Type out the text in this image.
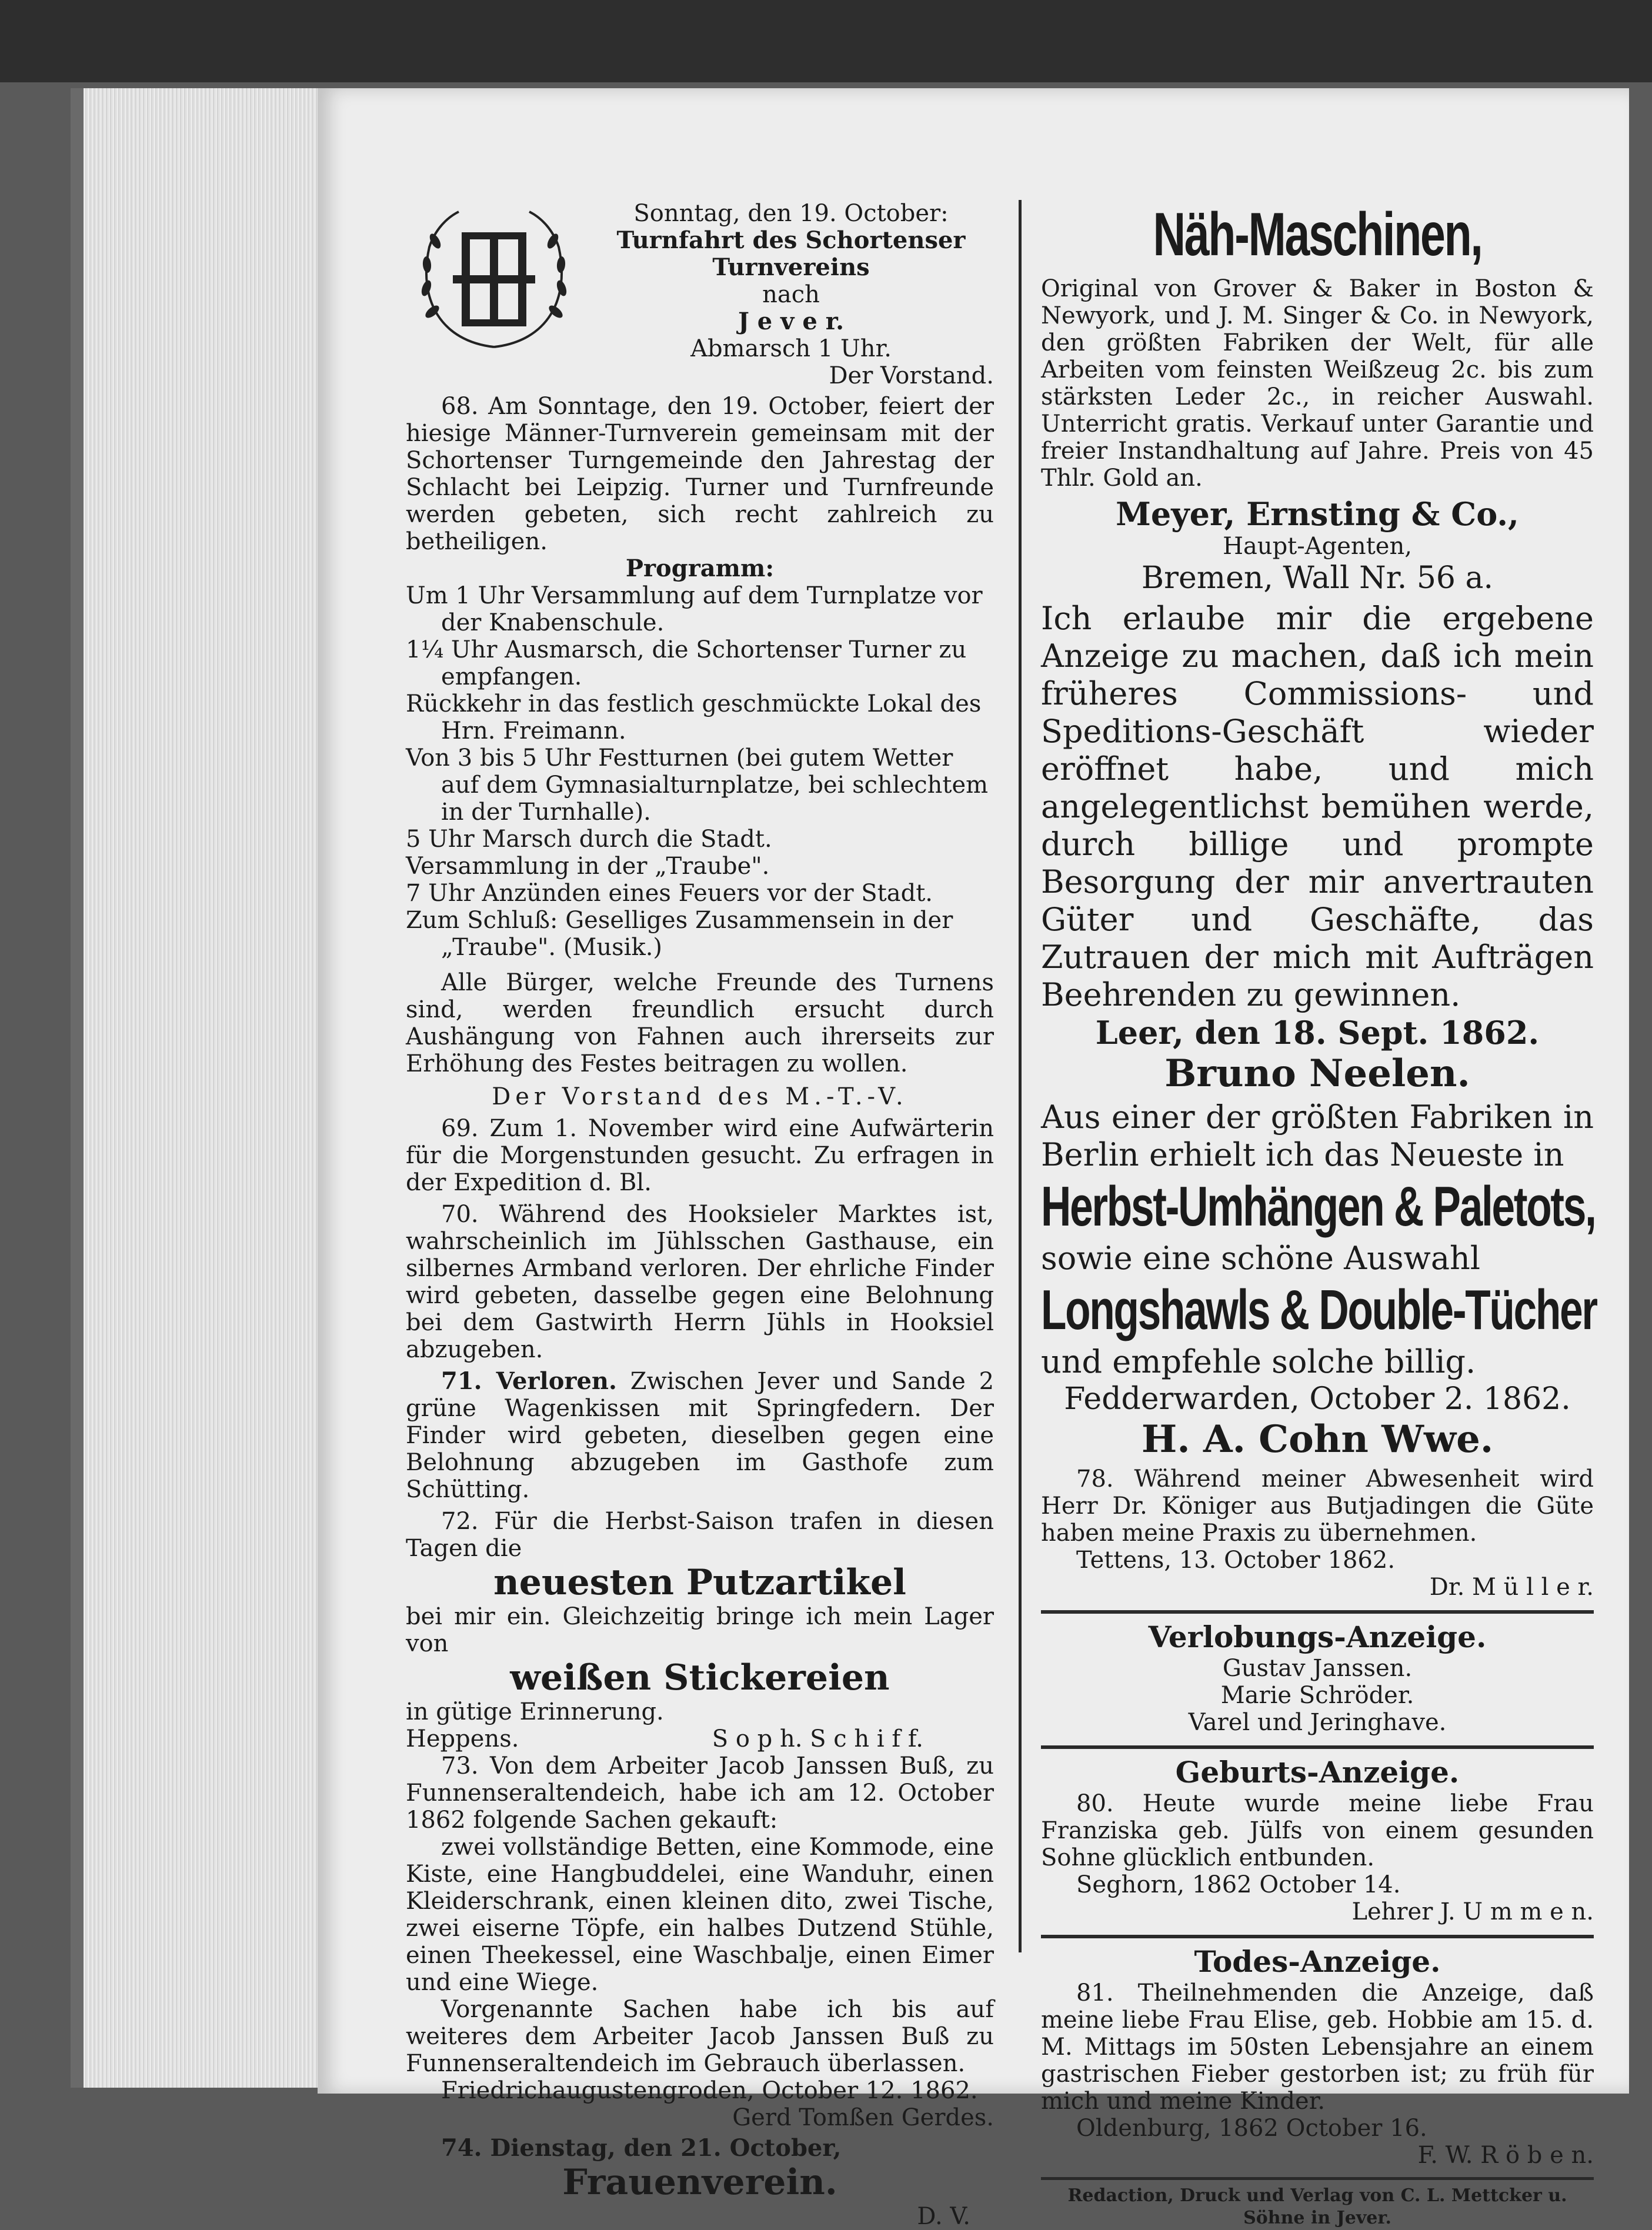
Sonntag, den 19. October:

Turnfahrt des Schortenser

Turnvereins

nach

J e v e r.

Abmarsch 1 Uhr.

Der Vorstand.

68. Am Sonntage, den 19. October, feiert der hiesige Männer-Turnverein gemeinsam mit der Schortenser Turngemeinde den Jahrestag der Schlacht bei Leipzig. Turner und Turnfreunde werden gebeten, sich recht zahlreich zu betheiligen.

Programm:

Um 1 Uhr Versammlung auf dem Turnplatze vor der Knabenschule.

1¼ Uhr Ausmarsch, die Schortenser Turner zu empfangen.

Rückkehr in das festlich geschmückte Lokal des Hrn. Freimann.

Von 3 bis 5 Uhr Festturnen (bei gutem Wetter auf dem Gymnasialturnplatze, bei schlechtem in der Turnhalle).

5 Uhr Marsch durch die Stadt.

Versammlung in der „Traube".

7 Uhr Anzünden eines Feuers vor der Stadt.

Zum Schluß: Geselliges Zusammensein in der „Traube". (Musik.)

Alle Bürger, welche Freunde des Turnens sind, werden freundlich ersucht durch Aushängung von Fahnen auch ihrerseits zur Erhöhung des Festes beitragen zu wollen.

Der Vorstand des M.-T.-V.

69. Zum 1. November wird eine Aufwärterin für die Morgenstunden gesucht. Zu erfragen in der Expedition d. Bl.

70. Während des Hooksieler Marktes ist, wahrscheinlich im Jühlsschen Gasthause, ein silbernes Armband verloren. Der ehrliche Finder wird gebeten, dasselbe gegen eine Belohnung bei dem Gastwirth Herrn Jühls in Hooksiel abzugeben.

71. Verloren. Zwischen Jever und Sande 2 grüne Wagenkissen mit Springfedern. Der Finder wird gebeten, dieselben gegen eine Belohnung abzugeben im Gasthofe zum Schütting.

72. Für die Herbst-Saison trafen in diesen Tagen die

neuesten Putzartikel

bei mir ein. Gleichzeitig bringe ich mein Lager von

weißen Stickereien

in gütige Erinnerung.

Heppens.	S o p h. S c h i f f.

73. Von dem Arbeiter Jacob Janssen Buß, zu Funnenseraltendeich, habe ich am 12. October 1862 folgende Sachen gekauft:

zwei vollständige Betten, eine Kommode, eine Kiste, eine Hangbuddelei, eine Wanduhr, einen Kleiderschrank, einen kleinen dito, zwei Tische, zwei eiserne Töpfe, ein halbes Dutzend Stühle, einen Theekessel, eine Waschbalje, einen Eimer und eine Wiege.

Vorgenannte Sachen habe ich bis auf weiteres dem Arbeiter Jacob Janssen Buß zu Funnenseraltendeich im Gebrauch überlassen.

Friedrichaugustengroden, October 12. 1862.

Gerd Tomßen Gerdes.

74. Dienstag, den 21. October,

Frauenverein.

D. V.

Näh-Maschinen,

Original von Grover & Baker in Boston & Newyork, und J. M. Singer & Co. in Newyork, den größten Fabriken der Welt, für alle Arbeiten vom feinsten Weißzeug 2c. bis zum stärksten Leder 2c., in reicher Auswahl. Unterricht gratis. Verkauf unter Garantie und freier Instandhaltung auf Jahre. Preis von 45 Thlr. Gold an.

Meyer, Ernsting & Co.,

Haupt-Agenten,

Bremen, Wall Nr. 56 a.

Ich erlaube mir die ergebene Anzeige zu machen, daß ich mein früheres Commissions- und Speditions-Geschäft wieder eröffnet habe, und mich angelegentlichst bemühen werde, durch billige und prompte Besorgung der mir anvertrauten Güter und Geschäfte, das Zutrauen der mich mit Aufträgen Beehrenden zu gewinnen.

Leer, den 18. Sept. 1862.

Bruno Neelen.

Aus einer der größten Fabriken in Berlin erhielt ich das Neueste in

Herbst-Umhängen & Paletots,

sowie eine schöne Auswahl

Longshawls & Double-Tücher

und empfehle solche billig.

Fedderwarden, October 2. 1862.

H. A. Cohn Wwe.

78. Während meiner Abwesenheit wird Herr Dr. Königer aus Butjadingen die Güte haben meine Praxis zu übernehmen.

Tettens, 13. October 1862.

Dr. M ü l l e r.

Verlobungs-Anzeige.

Gustav Janssen.

Marie Schröder.

Varel und Jeringhave.

Geburts-Anzeige.

80. Heute wurde meine liebe Frau Franziska geb. Jülfs von einem gesunden Sohne glücklich entbunden.

Seghorn, 1862 October 14.

Lehrer J. U m m e n.

Todes-Anzeige.

81. Theilnehmenden die Anzeige, daß meine liebe Frau Elise, geb. Hobbie am 15. d. M. Mittags im 50sten Lebensjahre an einem gastrischen Fieber gestorben ist; zu früh für mich und meine Kinder.

Oldenburg, 1862 October 16.

F. W. R ö b e n.

Redaction, Druck und Verlag von C. L. Mettcker u. Söhne in Jever.
